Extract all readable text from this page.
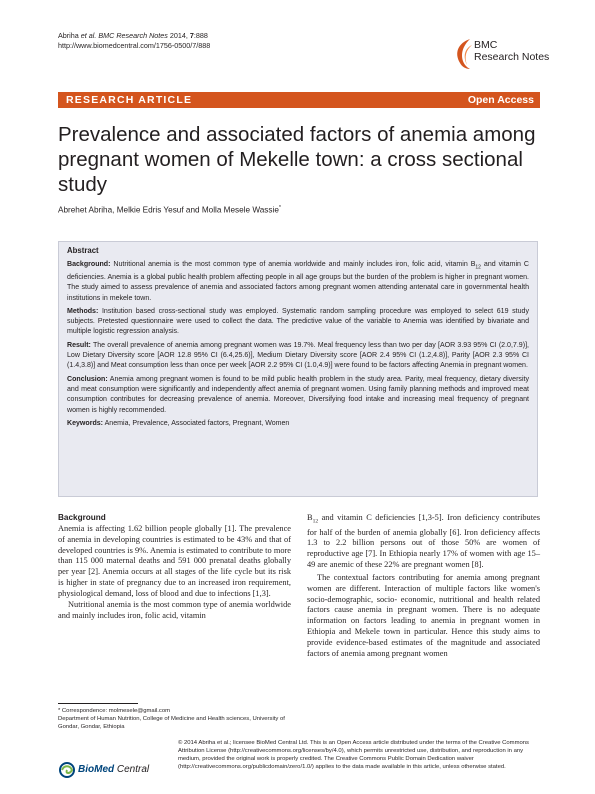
Abriha et al. BMC Research Notes 2014, 7:888
http://www.biomedcentral.com/1756-0500/7/888	BMC
Research Notes
RESEARCH ARTICLE	Open Access
Prevalence and associated factors of anemia among pregnant women of Mekelle town: a cross sectional study
Abrehet Abriha, Melkie Edris Yesuf and Molla Mesele Wassie*
Abstract

Background: Nutritional anemia is the most common type of anemia worldwide and mainly includes iron, folic acid, vitamin $B_{12}$ and vitamin C deficiencies. Anemia is a global public health problem affecting people in all age groups but the burden of the problem is higher in pregnant women. The study aimed to assess prevalence of anemia and associated factors among pregnant women attending antenatal care in governmental health institutions in mekele town.

Methods: Institution based cross-sectional study was employed. Systematic random sampling procedure was employed to select 619 study subjects. Pretested questionnaire were used to collect the data. The predictive value of the variable to Anemia was identified by bivariate and multiple logistic regression analysis.

Result: The overall prevalence of anemia among pregnant women was 19.7%. Meal frequency less than two per day [AOR 3.93 95% CI (2.0,7.9)], Low Dietary Diversity score [AOR 12.8 95% CI (6.4,25.6)], Medium Dietary Diversity score [AOR 2.4 95% CI (1.2,4.8)], Parity [AOR 2.3 95% CI (1.4,3.8)] and Meat consumption less than once per week [AOR 2.2 95% CI (1.0,4.9)] were found to be factors affecting Anemia in pregnant women.

Conclusion: Anemia among pregnant women is found to be mild public health problem in the study area. Parity, meal frequency, dietary diversity and meat consumption were significantly and independently affect anemia of pregnant women. Using family planning methods and improved meat consumption contributes for decreasing prevalence of anemia. Moreover, Diversifying food intake and increasing meal frequency of pregnant women is highly recommended.

Keywords: Anemia, Prevalence, Associated factors, Pregnant, Women

Background

Anemia is affecting 1.62 billion people globally [1]. The prevalence of anemia in developing countries is estimated to be 43% and that of developed countries is 9%. Anemia is estimated to contribute to more than 115 000 maternal deaths and 591 000 prenatal deaths globally per year [2]. Anemia occurs at all stages of the life cycle but its risk is higher in state of pregnancy due to an increased iron requirement, physiological demand, loss of blood and due to infections [1,3].

Nutritional anemia is the most common type of anemia worldwide and mainly includes iron, folic acid, vitamin

$B_{12}$ and vitamin C deficiencies [1,3-5]. Iron deficiency contributes for half of the burden of anemia globally [6]. Iron deficiency affects 1.3 to 2.2 billion persons out of those 50% are women of reproductive age [7]. In Ethiopia nearly 17% of women with age 15–49 are anemic of these 22% are pregnant women [8].

The contextual factors contributing for anemia among pregnant women are different. Interaction of multiple factors like women's socio-demographic, socio- economic, nutritional and health related factors cause anemia in pregnant women. There is no adequate information on factors leading to anemia in pregnant women in Ethiopia and Mekele town in particular. Hence this study aims to provide evidence-based estimates of the magnitude and associated factors of anemia among pregnant women

* Correspondence: molmesele@gmail.com
Department of Human Nutrition, College of Medicine and Health sciences, University of Gondar, Gondar, Ethiopia
BioMed Central
© 2014 Abriha et al.; licensee BioMed Central Ltd. This is an Open Access article distributed under the terms of the Creative Commons Attribution License (http://creativecommons.org/licenses/by/4.0), which permits unrestricted use, distribution, and reproduction in any medium, provided the original work is properly credited. The Creative Commons Public Domain Dedication waiver (http://creativecommons.org/publicdomain/zero/1.0/) applies to the data made available in this article, unless otherwise stated.
